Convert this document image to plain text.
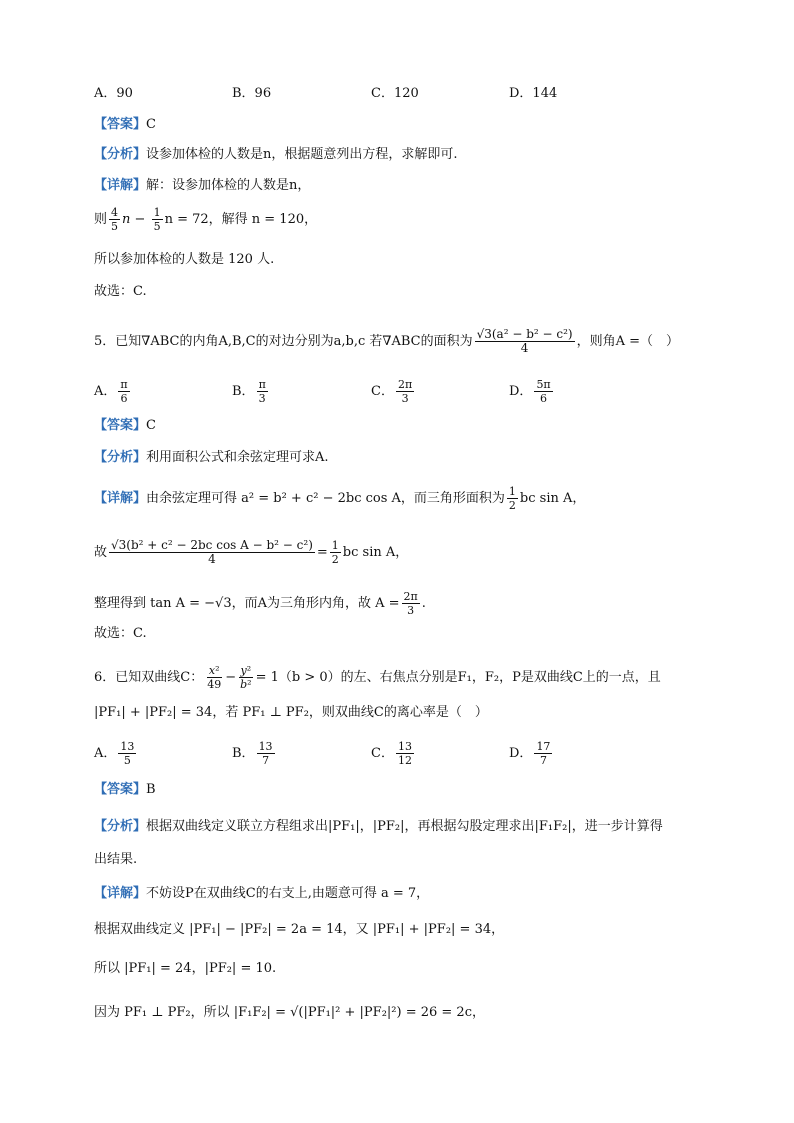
A．90	B．96	C．120	D．144
【答案】C
【分析】设参加体检的人数是n，根据题意列出方程，求解即可.
【详解】解：设参加体检的人数是n，
则 $\frac{4}{5}$ $n - \frac{1}{5}$ n = 72，解得 n = 120，
所以参加体检的人数是 120 人.
故选：C.
5．已知∇ABC的内角A,B,C的对边分别为a,b,c 若∇ABC的面积为 $\frac{\text{√3(a² − b² − c²)}}{4}$ ，则角A =（　）
A． $\frac{\pi}{6}$	B． $\frac{\pi}{3}$	C． $\frac{2\pi}{3}$	D． $\frac{5\pi}{6}$
【答案】C
【分析】利用面积公式和余弦定理可求A.
【详解】由余弦定理可得 a² = b² + c² − 2bc cos A，而三角形面积为 $\frac{1}{2}$ bc sin A，
故 $\frac{\text{√3(b² + c² − 2bc cos A − b² − c²)}}{4} = \frac{1}{2}$ bc sin A，
整理得到 tan A = −√3，而A为三角形内角，故 $A = \frac{2\pi}{3}$ .
故选：C.
6．已知双曲线C： $\frac{\text{x²}}{49} - \frac{\text{y²}}{\text{b²}} = 1(b > 0)$的左、右焦点分别是F₁，F₂，P是双曲线C上的一点，且
|PF₁| + |PF₂| = 34，若 PF₁ ⊥ PF₂，则双曲线C的离心率是（　）
A． $\frac{13}{5}$	B． $\frac{13}{7}$	C． $\frac{13}{12}$	D． $\frac{17}{7}$
【答案】B
【分析】根据双曲线定义联立方程组求出|PF₁|，|PF₂|，再根据勾股定理求出|F₁F₂|，进一步计算得
出结果.
【详解】不妨设P在双曲线C的右支上,由题意可得 a = 7，
根据双曲线定义 |PF₁| − |PF₂| = 2a = 14，又 |PF₁| + |PF₂| = 34，
所以 |PF₁| = 24，|PF₂| = 10.
因为 PF₁ ⊥ PF₂，所以 |F₁F₂| = √(|PF₁|² + |PF₂|²) = 26 = 2c，
